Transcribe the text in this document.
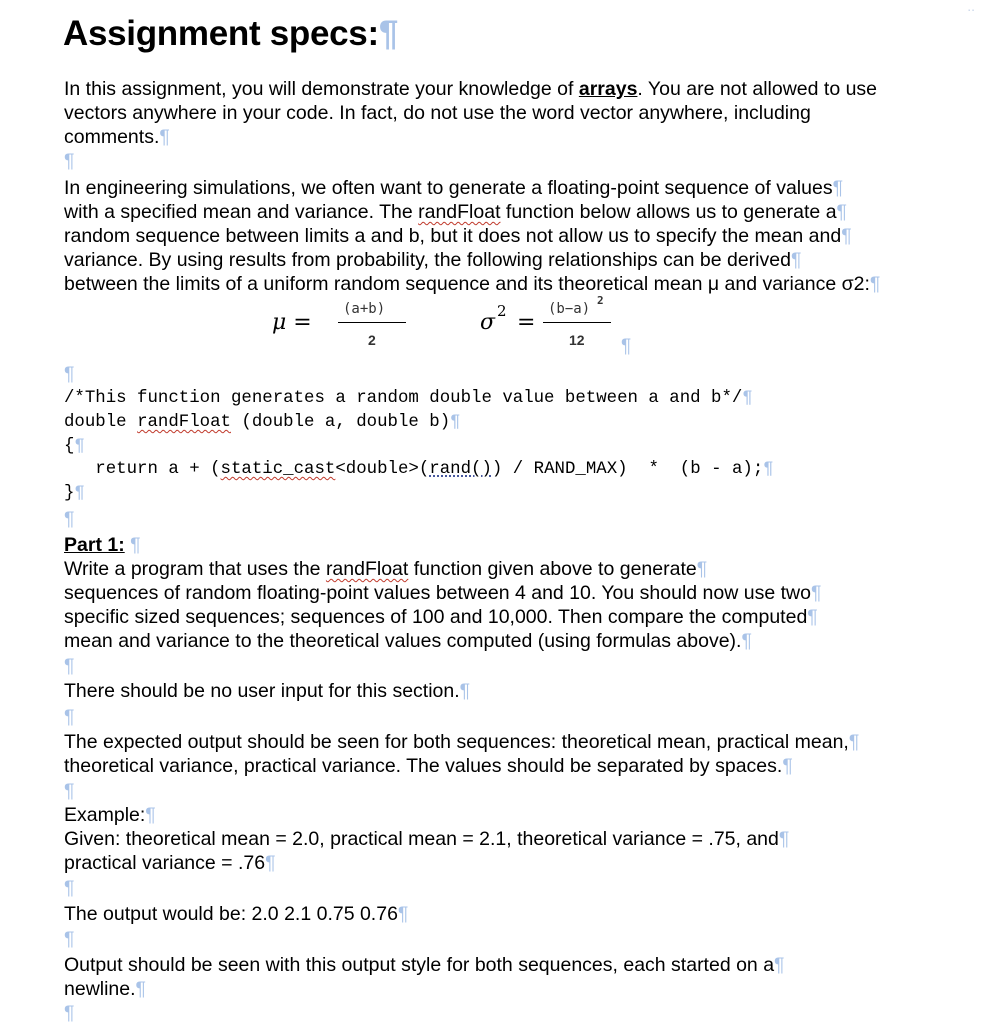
..
Assignment specs:¶
In this assignment, you will demonstrate your knowledge of arrays. You are not allowed to use
vectors anywhere in your code. In fact, do not use the word vector anywhere, including
comments.¶
¶
In engineering simulations, we often want to generate a floating-point sequence of values¶
with a specified mean and variance. The randFloat function below allows us to generate a¶
random sequence between limits a and b, but it does not allow us to specify the mean and¶
variance. By using results from probability, the following relationships can be derived¶
between the limits of a uniform random sequence and its theoretical mean μ and variance σ2:¶
μ =
(a+b)
2
σ 2 =
(b−a)
2
12 ¶
¶
/*This function generates a random double value between a and b*/¶
double randFloat (double a, double b)¶
{¶
return a + (static_cast<double>(rand()) / RAND_MAX)  *  (b - a);¶
}¶
¶
Part 1: ¶
Write a program that uses the randFloat function given above to generate¶
sequences of random floating-point values between 4 and 10. You should now use two¶
specific sized sequences; sequences of 100 and 10,000. Then compare the computed¶
mean and variance to the theoretical values computed (using formulas above).¶
¶
There should be no user input for this section.¶
¶
The expected output should be seen for both sequences: theoretical mean, practical mean,¶
theoretical variance, practical variance. The values should be separated by spaces.¶
¶
Example:¶
Given: theoretical mean = 2.0, practical mean = 2.1, theoretical variance = .75, and¶
practical variance = .76¶
¶
The output would be: 2.0 2.1 0.75 0.76¶
¶
Output should be seen with this output style for both sequences, each started on a¶
newline.¶
¶
